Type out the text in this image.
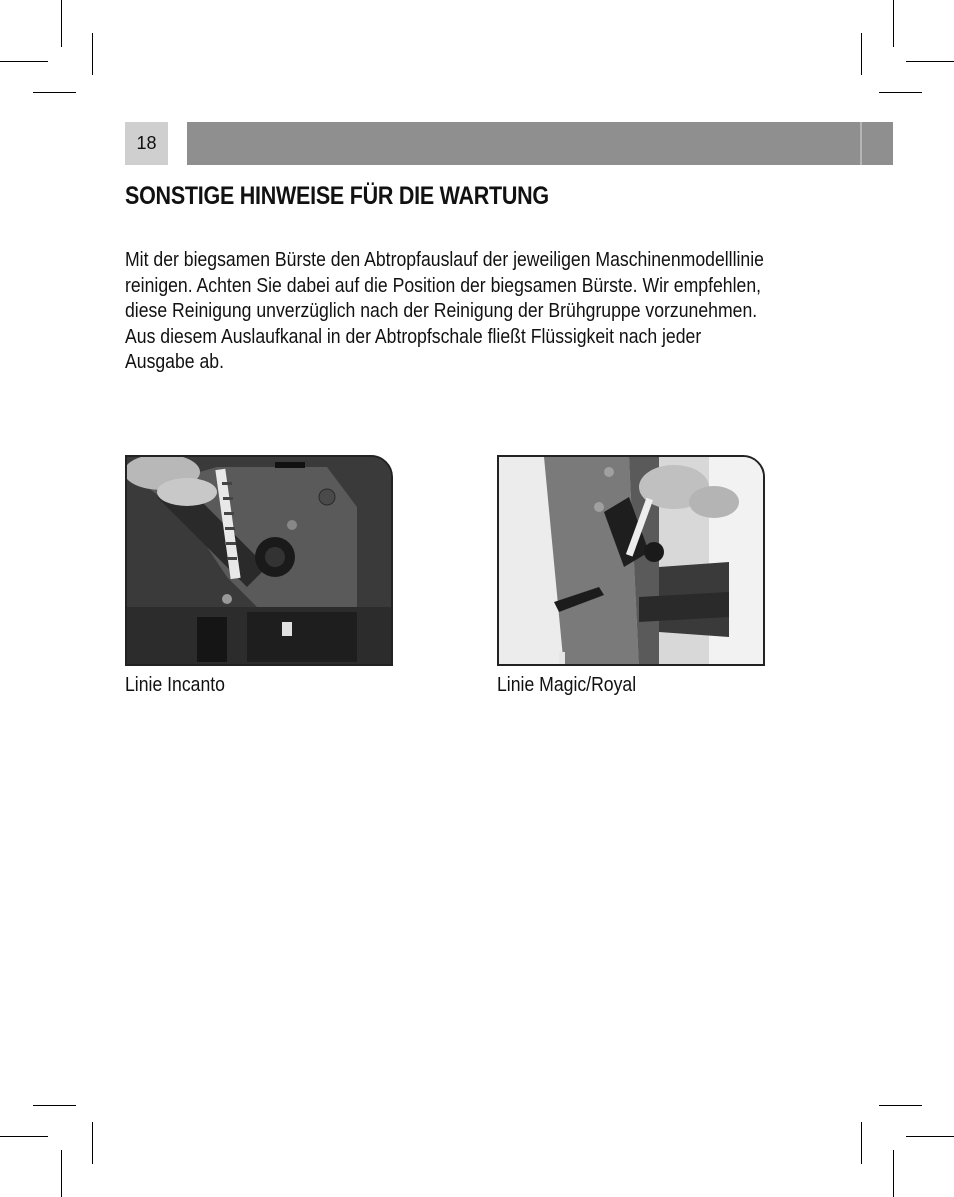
18
SONSTIGE HINWEISE FÜR DIE WARTUNG
Mit der biegsamen Bürste den Abtropfauslauf der jeweiligen Maschinenmodelllinie
reinigen. Achten Sie dabei auf die Position der biegsamen Bürste. Wir empfehlen,
diese Reinigung unverzüglich nach der Reinigung der Brühgruppe vorzunehmen.
Aus diesem Auslaufkanal in der Abtropfschale fließt Flüssigkeit nach jeder
Ausgabe ab.
Linie Incanto	Linie Magic/Royal
